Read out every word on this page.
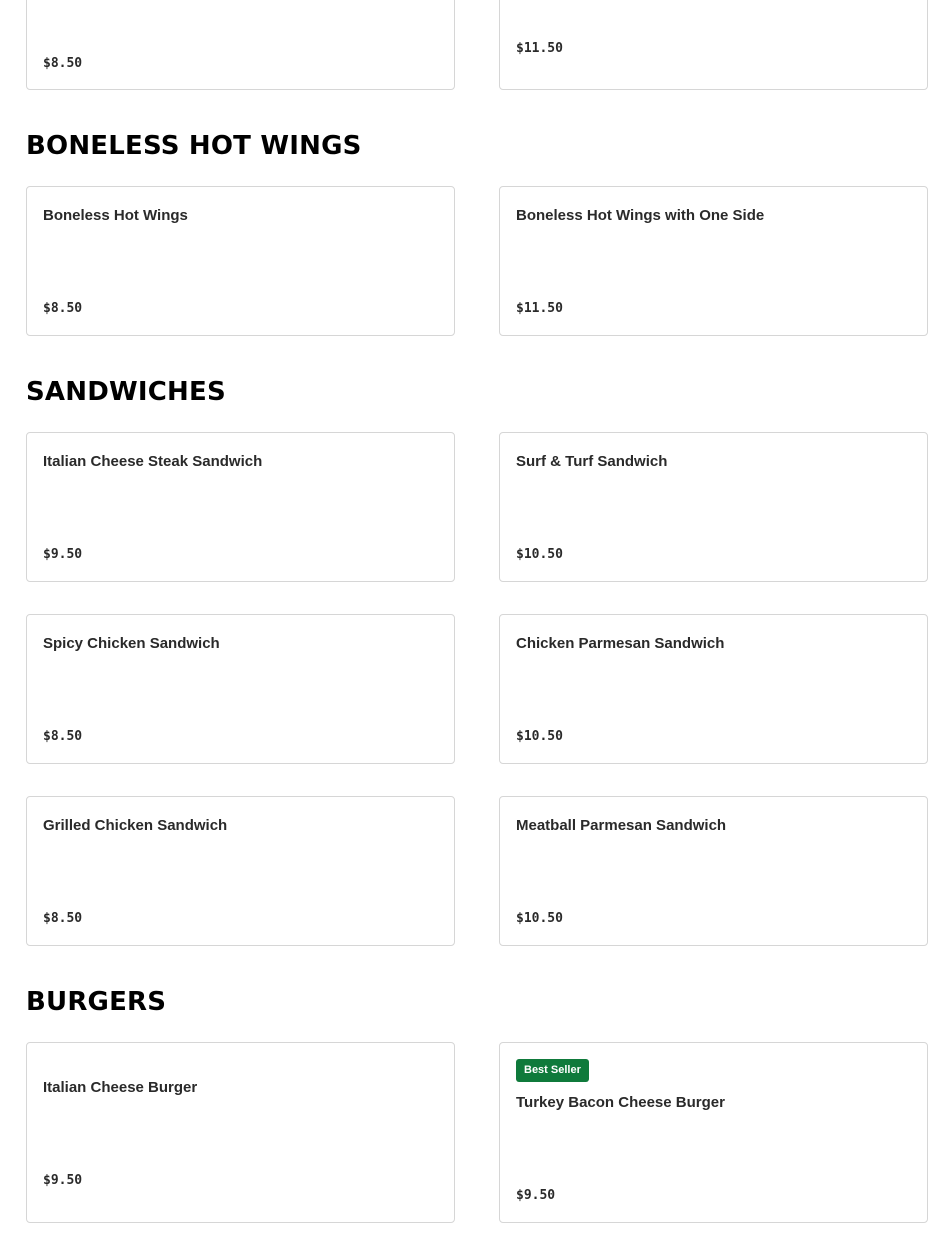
$8.50
$11.50
BONELESS HOT WINGS
Boneless Hot Wings
$8.50
Boneless Hot Wings with One Side
$11.50
SANDWICHES
Italian Cheese Steak Sandwich
$9.50
Surf & Turf Sandwich
$10.50
Spicy Chicken Sandwich
$8.50
Chicken Parmesan Sandwich
$10.50
Grilled Chicken Sandwich
$8.50
Meatball Parmesan Sandwich
$10.50
BURGERS
Italian Cheese Burger
$9.50
Best Seller
Turkey Bacon Cheese Burger
$9.50
